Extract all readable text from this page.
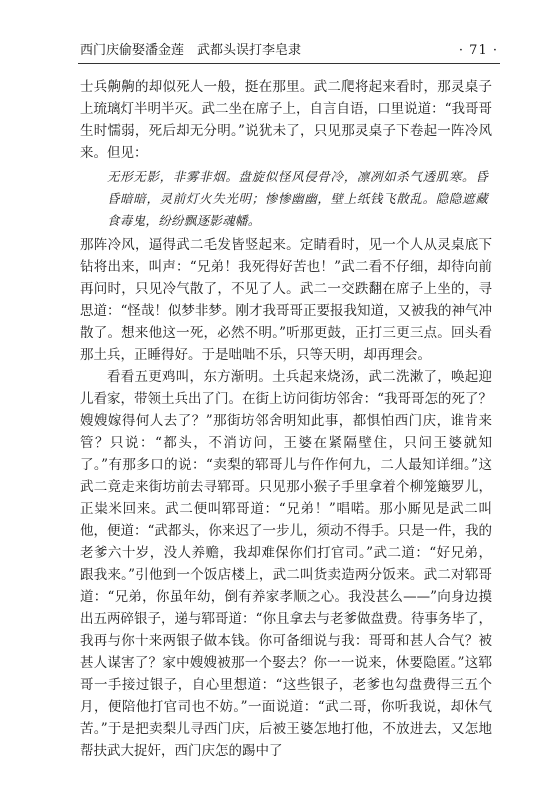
西门庆偷娶潘金莲　武都头误打李皂隶	· 71 ·

士兵齁齁的却似死人一般，挺在那里。武二爬将起来看时，那灵桌子上琉璃灯半明半灭。武二坐在席子上，自言自语，口里说道：“我哥哥生时懦弱，死后却无分明。”说犹未了，只见那灵桌子下卷起一阵冷风来。但见：

无形无影，非雾非烟。盘旋似怪风侵骨冷，凛冽如杀气透肌寒。昏昏暗暗，灵前灯火失光明；惨惨幽幽，壁上纸钱飞散乱。隐隐遮藏食毒鬼，纷纷飘逐影魂幡。

那阵冷风，逼得武二毛发皆竖起来。定睛看时，见一个人从灵桌底下钻将出来，叫声：“兄弟！我死得好苦也！”武二看不仔细，却待向前再问时，只见冷气散了，不见了人。武二一交跌翻在席子上坐的，寻思道：“怪哉！似梦非梦。刚才我哥哥正要报我知道，又被我的神气冲散了。想来他这一死，必然不明。”听那更鼓，正打三更三点。回头看那土兵，正睡得好。于是咄咄不乐，只等天明，却再理会。

看看五更鸡叫，东方渐明。土兵起来烧汤，武二洗漱了，唤起迎儿看家，带领土兵出了门。在街上访问街坊邻舍：“我哥哥怎的死了？嫂嫂嫁得何人去了？”那街坊邻舍明知此事，都惧怕西门庆，谁肯来管？只说：“都头，不消访问，王婆在紧隔壁住，只问王婆就知了。”有那多口的说：“卖梨的郓哥儿与仵作何九，二人最知详细。”这武二竟走来街坊前去寻郓哥。只见那小猴子手里拿着个柳笼簸罗儿，正粜米回来。武二便叫郓哥道：“兄弟！”唱喏。那小厮见是武二叫他，便道：“武都头，你来迟了一步儿，须动不得手。只是一件，我的老爹六十岁，没人养赡，我却难保你们打官司。”武二道：“好兄弟，跟我来。”引他到一个饭店楼上，武二叫货卖造两分饭来。武二对郓哥道：“兄弟，你虽年幼，倒有养家孝顺之心。我没甚么——”向身边摸出五两碎银子，递与郓哥道：“你且拿去与老爹做盘费。待事务毕了，我再与你十来两银子做本钱。你可备细说与我：哥哥和甚人合气？被甚人谋害了？家中嫂嫂被那一个娶去？你一一说来，休要隐匿。”这郓哥一手接过银子，自心里想道：“这些银子，老爹也勾盘费得三五个月，便陪他打官司也不妨。”一面说道：“武二哥，你听我说，却休气苦。”于是把卖梨儿寻西门庆，后被王婆怎地打他，不放进去，又怎地帮扶武大捉奸，西门庆怎的踢中了
